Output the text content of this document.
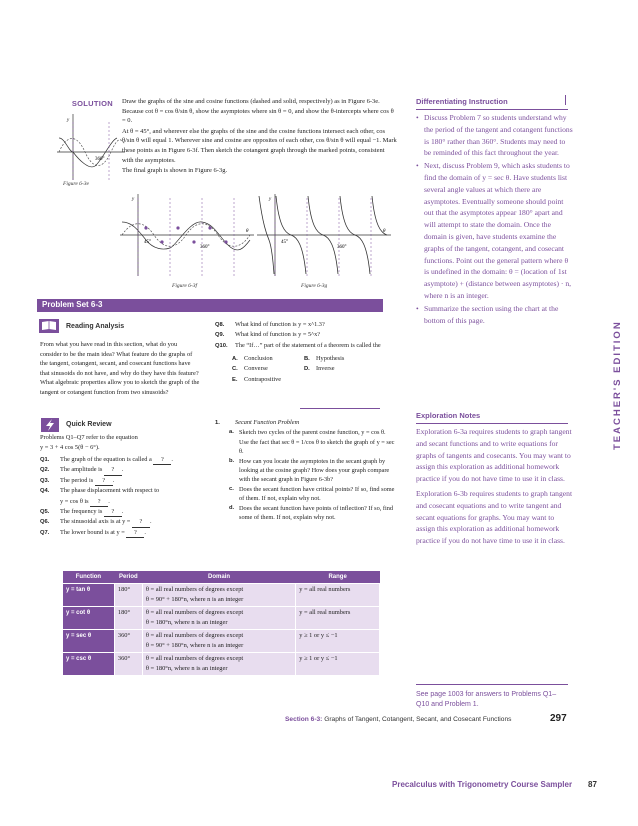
SOLUTION Draw the graphs of the sine and cosine functions (dashed and solid, respectively) as in Figure 6-3e. Because cot θ = cos θ/sin θ, show the asymptotes where sin θ = 0, and show the θ-intercepts where cos θ = 0.

At θ = 45°, and wherever else the graphs of the sine and the cosine functions intersect each other, cos θ/sin θ will equal 1. Wherever sine and cosine are opposites of each other, cos θ/sin θ will equal −1. Mark these points as in Figure 6-3f. Then sketch the cotangent graph through the marked points, consistent with the asymptotes.

The final graph is shown in Figure 6-3g.

y
360°
Figure 6-3e
y
θ
45°
360°
Figure 6-3f
y
θ
45°
360°
Figure 6-3g
Problem Set 6-3
Reading Analysis
From what you have read in this section, what do you consider to be the main idea? What feature do the graphs of the tangent, cotangent, secant, and cosecant functions have that sinusoids do not have, and why do they have this feature? What algebraic properties allow you to sketch the graph of the tangent or cotangent function from two sinusoids?
Quick Review
Problems Q1–Q7 refer to the equation
y = 3 + 4 cos 5(θ − 6°).
Q1. The graph of the equation is called a ? .
Q2. The amplitude is ? .
Q3. The period is ? .
Q4. The phase displacement with respect to
y = cos θ is ? .
Q5. The frequency is ? .
Q6. The sinusoidal axis is at y = ? .
Q7. The lower bound is at y = ? .
Q8. What kind of function is y = x^1.3?
Q9. What kind of function is y = 5^x?
Q10. The “If…” part of the statement of a theorem is called the
A. Conclusion	B. Hypothesis
C. Converse	D. Inverse
E. Contrapositive
1. Secant Function Problem
a. Sketch two cycles of the parent cosine function, y = cos θ. Use the fact that sec θ = 1/cos θ to sketch the graph of y = sec θ.
b. How can you locate the asymptotes in the secant graph by looking at the cosine graph? How does your graph compare with the secant graph in Figure 6-3b?
c. Does the secant function have critical points? If so, find some of them. If not, explain why not.
d. Does the secant function have points of inflection? If so, find some of them. If not, explain why not.
Function	Period	Domain	Range
y = tan θ	180°	θ = all real numbers of degrees except
θ = 90° + 180°n, where n is an integer	y = all real numbers
y = cot θ	180°	θ = all real numbers of degrees except
θ = 180°n, where n is an integer	y = all real numbers
y = sec θ	360°	θ = all real numbers of degrees except
θ = 90° + 180°n, where n is an integer	y ≥ 1 or y ≤ −1
y = csc θ	360°	θ = all real numbers of degrees except
θ = 180°n, where n is an integer	y ≥ 1 or y ≤ −1
Differentiating Instruction
• Discuss Problem 7 so students understand why the period of the tangent and cotangent functions is 180° rather than 360°. Students may need to be reminded of this fact throughout the year.
• Next, discuss Problem 9, which asks students to find the domain of y = sec θ. Have students list several angle values at which there are asymptotes. Eventually someone should point out that the asymptotes appear 180° apart and will attempt to state the domain. Once the domain is given, have students examine the graphs of the tangent, cotangent, and cosecant functions. Point out the general pattern where θ is undefined in the domain: θ = (location of 1st asymptote) + (distance between asymptotes) · n, where n is an integer.
• Summarize the section using the chart at the bottom of this page.
Exploration Notes

Exploration 6-3a requires students to graph tangent and secant functions and to write equations for graphs of tangents and cosecants. You may want to assign this exploration as additional homework practice if you do not have time to use it in class.

Exploration 6-3b requires students to graph tangent and cosecant equations and to write tangent and secant equations for graphs. You may want to assign this exploration as additional homework practice if you do not have time to use it in class.

See page 1003 for answers to Problems Q1– Q10 and Problem 1.
TEACHER'S EDITION
Section 6-3: Graphs of Tangent, Cotangent, Secant, and Cosecant Functions	297
Precalculus with Trigonometry Course Sampler 87
